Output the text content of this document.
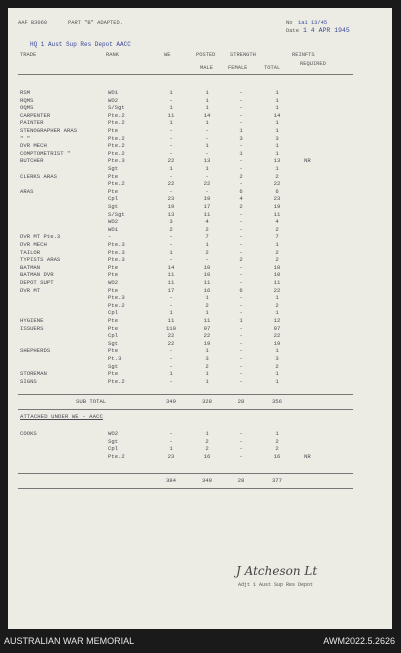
AAF B3060	PART "B" ADAPTED.	No 1a1 13/45
Date 1 4 APR 1945
HQ 1 Aust Sup Res Depot AACC
TRADE	RANK	WE	POSTED	STRENGTH	REINFTS
REQUIRED
MALE	FEMALE	TOTAL
RSM	WO1	1	1	-	1
RQMS	WO2	-	1	-	1
OQMS	S/Sgt	1	1	-	1
CARPENTER	Pte.2	11	14	-	14
PAINTER	Pte.2	1	1	-	1
STENOGRAPHER ARAS	Pte	-	-	1	1
" "	Pte.2	-	-	3	3
DVR MECH	Pte.2	-	1	-	1
COMPTOMETRIST "	Pte.2	-	-	1	1
BUTCHER	Pte.3	22	13	-	13	NR
Sgt	1	1	-	1
CLERKS ARAS	Pte	-	-	2	2
Pte.2	22	22	-	22
ARAS	Pte	-	-	6	6
Cpl	23	19	4	23
Sgt	19	17	2	19
S/Sgt	13	11	-	11
WO2	3	4	-	4
WO1	2	2	-	2
DVR MT Pte.3	-	-	7	-	7
DVR MECH	Pte.3	-	1	-	1
TAILOR	Pte.3	1	2	-	2
TYPISTS ARAS	Pte.3	-	-	2	2
BATMAN	Pte	14	10	-	10
BATMAN DVR	Pte	11	10	-	10
DEPOT SUPT	WO2	11	11	-	11
DVR MT	Pte	17	16	6	22
Pte.3	-	1	-	1
Pte.2	-	2	-	2
Cpl	1	1	-	1
HYGIENE	Pte	11	11	1	12
ISSUERS	Pte	110	97	-	97
Cpl	22	22	-	22
Sgt	22	19	-	19
SHEPHERDS	Pte	-	1	-	1
Pt.3	-	3	-	3
Sgt	-	2	-	2
STOREMAN	Pte	1	1	-	1
SIGNS	Pte.2	-	1	-	1
SUB TOTAL	349	328	28	356
ATTACHED UNDER WE - AACC
COOKS	WO2	-	1	-	1
Sgt	-	2	-	2
Cpl	1	2	-	2
Pte.2	23	16	-	16	NR
384	349	28	377
J Atcheson Lt
Adjt 1 Aust Sup Res Depot
AUSTRALIAN WAR MEMORIAL	AWM2022.5.2626
